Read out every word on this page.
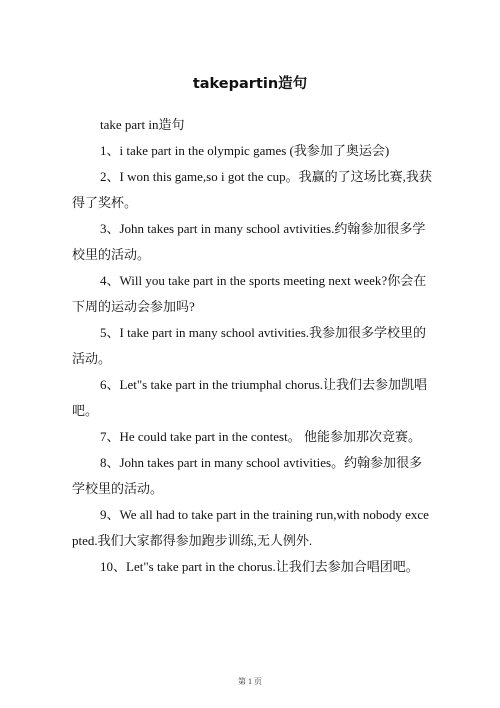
takepartin造句

take part in造句

1、i take part in the olympic games (我参加了奥运会)

2、I won this game,so i got the cup。我赢的了这场比赛,我获得了奖杯。

3、John takes part in many school avtivities.约翰参加很多学校里的活动。

4、Will you take part in the sports meeting next week?你会在下周的运动会参加吗?

5、I take part in many school avtivities.我参加很多学校里的活动。

6、Let"s take part in the triumphal chorus.让我们去参加凯唱吧。

7、He could take part in the contest。 他能参加那次竞赛。

8、John takes part in many school avtivities。约翰参加很多学校里的活动。

9、We all had to take part in the training run,with nobody excepted.我们大家都得参加跑步训练,无人例外.

10、Let"s take part in the chorus.让我们去参加合唱团吧。

第 1 页
